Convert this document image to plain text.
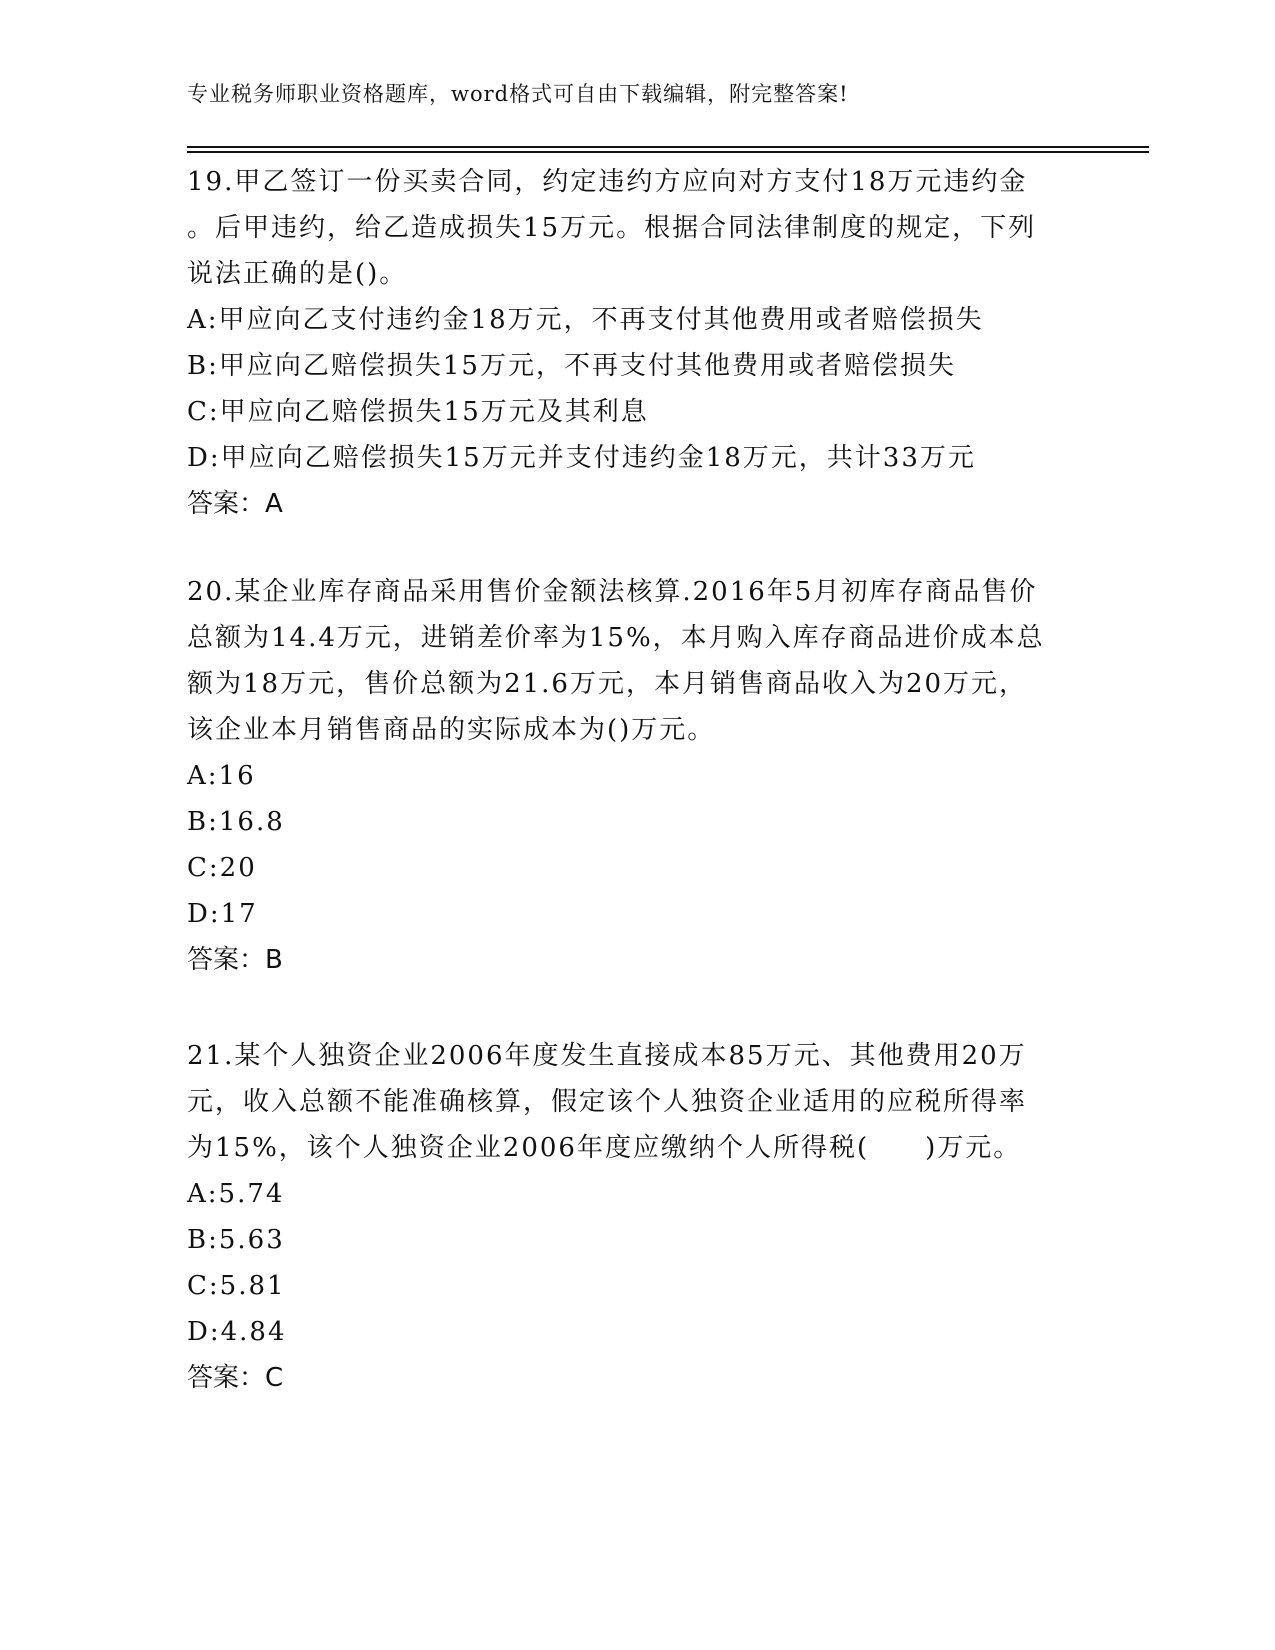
专业税务师职业资格题库，word格式可自由下载编辑，附完整答案!
19.甲乙签订一份买卖合同，约定违约方应向对方支付18万元违约金
。后甲违约，给乙造成损失15万元。根据合同法律制度的规定，下列
说法正确的是()。
A:甲应向乙支付违约金18万元，不再支付其他费用或者赔偿损失
B:甲应向乙赔偿损失15万元，不再支付其他费用或者赔偿损失
C:甲应向乙赔偿损失15万元及其利息
D:甲应向乙赔偿损失15万元并支付违约金18万元，共计33万元
答案：A
20.某企业库存商品采用售价金额法核算.2016年5月初库存商品售价
总额为14.4万元，进销差价率为15%，本月购入库存商品进价成本总
额为18万元，售价总额为21.6万元，本月销售商品收入为20万元，
该企业本月销售商品的实际成本为()万元。
A:16
B:16.8
C:20
D:17
答案：B
21.某个人独资企业2006年度发生直接成本85万元、其他费用20万
元，收入总额不能准确核算，假定该个人独资企业适用的应税所得率
为15%，该个人独资企业2006年度应缴纳个人所得税(　　)万元。
A:5.74
B:5.63
C:5.81
D:4.84
答案：C
